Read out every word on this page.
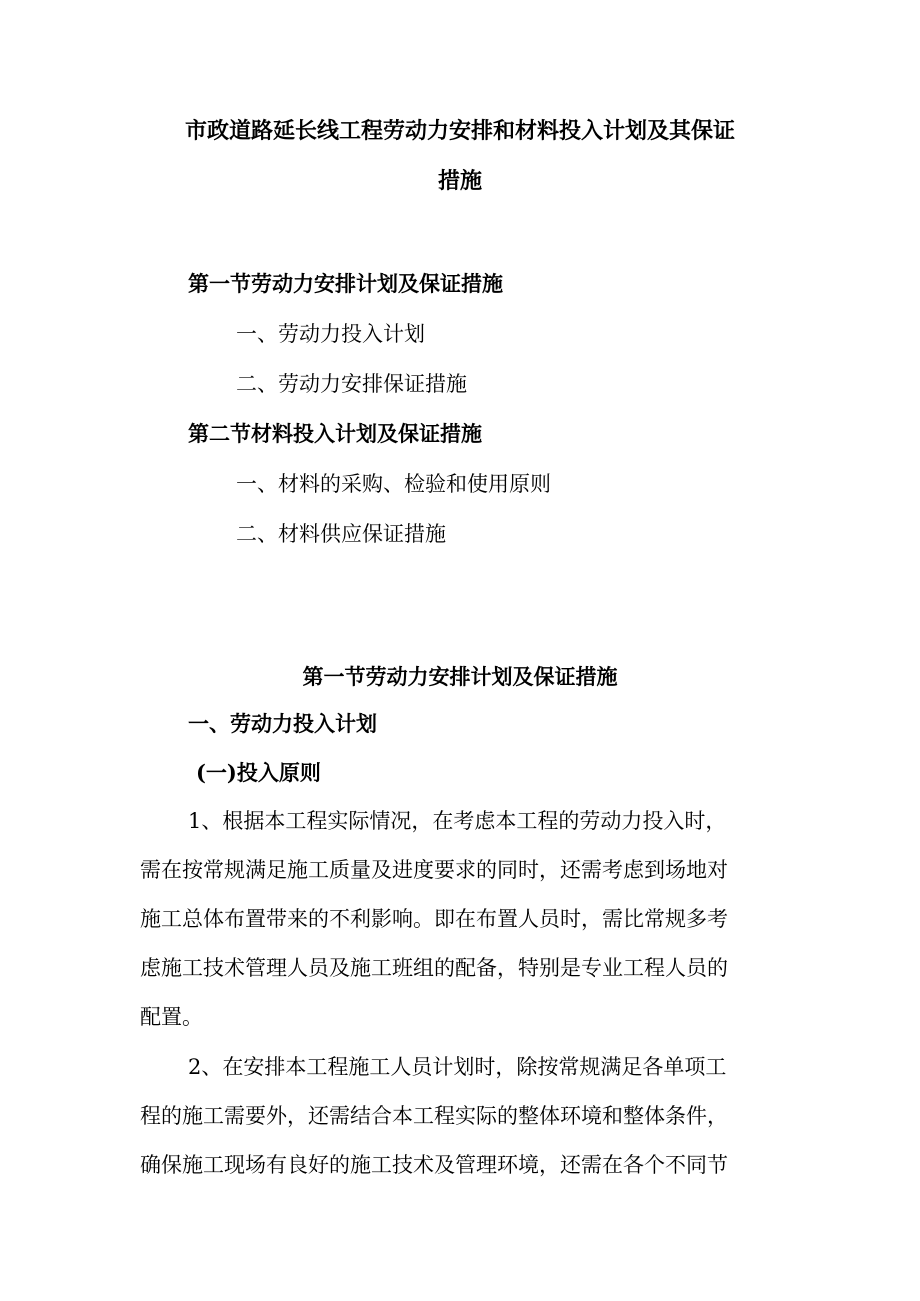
市政道路延长线工程劳动力安排和材料投入计划及其保证
措施
第一节劳动力安排计划及保证措施
一、劳动力投入计划
二、劳动力安排保证措施
第二节材料投入计划及保证措施
一、材料的采购、检验和使用原则
二、材料供应保证措施
第一节劳动力安排计划及保证措施
一、劳动力投入计划
(一)投入原则
1、根据本工程实际情况，在考虑本工程的劳动力投入时，
需在按常规满足施工质量及进度要求的同时，还需考虑到场地对
施工总体布置带来的不利影响。即在布置人员时，需比常规多考
虑施工技术管理人员及施工班组的配备，特别是专业工程人员的
配置。
2、在安排本工程施工人员计划时，除按常规满足各单项工
程的施工需要外，还需结合本工程实际的整体环境和整体条件，
确保施工现场有良好的施工技术及管理环境，还需在各个不同节
